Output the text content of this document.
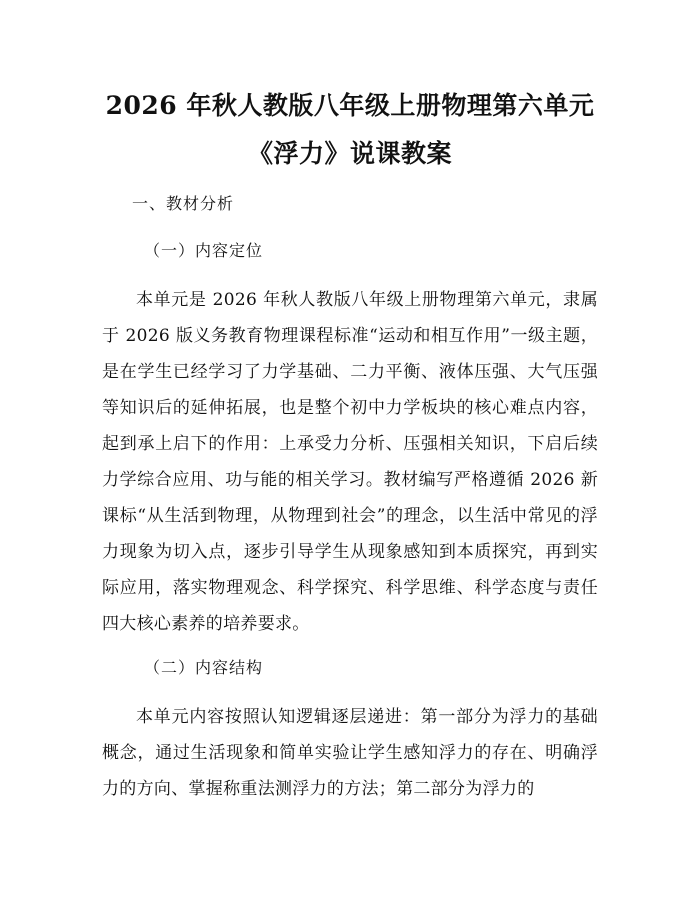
2026 年秋人教版八年级上册物理第六单元
《浮力》说课教案
一、教材分析
（一）内容定位

本单元是 2026 年秋人教版八年级上册物理第六单元，隶属于 2026 版义务教育物理课程标准“运动和相互作用”一级主题，是在学生已经学习了力学基础、二力平衡、液体压强、大气压强等知识后的延伸拓展，也是整个初中力学板块的核心难点内容，起到承上启下的作用：上承受力分析、压强相关知识，下启后续力学综合应用、功与能的相关学习。教材编写严格遵循 2026 新课标“从生活到物理，从物理到社会”的理念，以生活中常见的浮力现象为切入点，逐步引导学生从现象感知到本质探究，再到实际应用，落实物理观念、科学探究、科学思维、科学态度与责任四大核心素养的培养要求。

（二）内容结构

本单元内容按照认知逻辑逐层递进：第一部分为浮力的基础概念，通过生活现象和简单实验让学生感知浮力的存在、明确浮力的方向、掌握称重法测浮力的方法；第二部分为浮力的
